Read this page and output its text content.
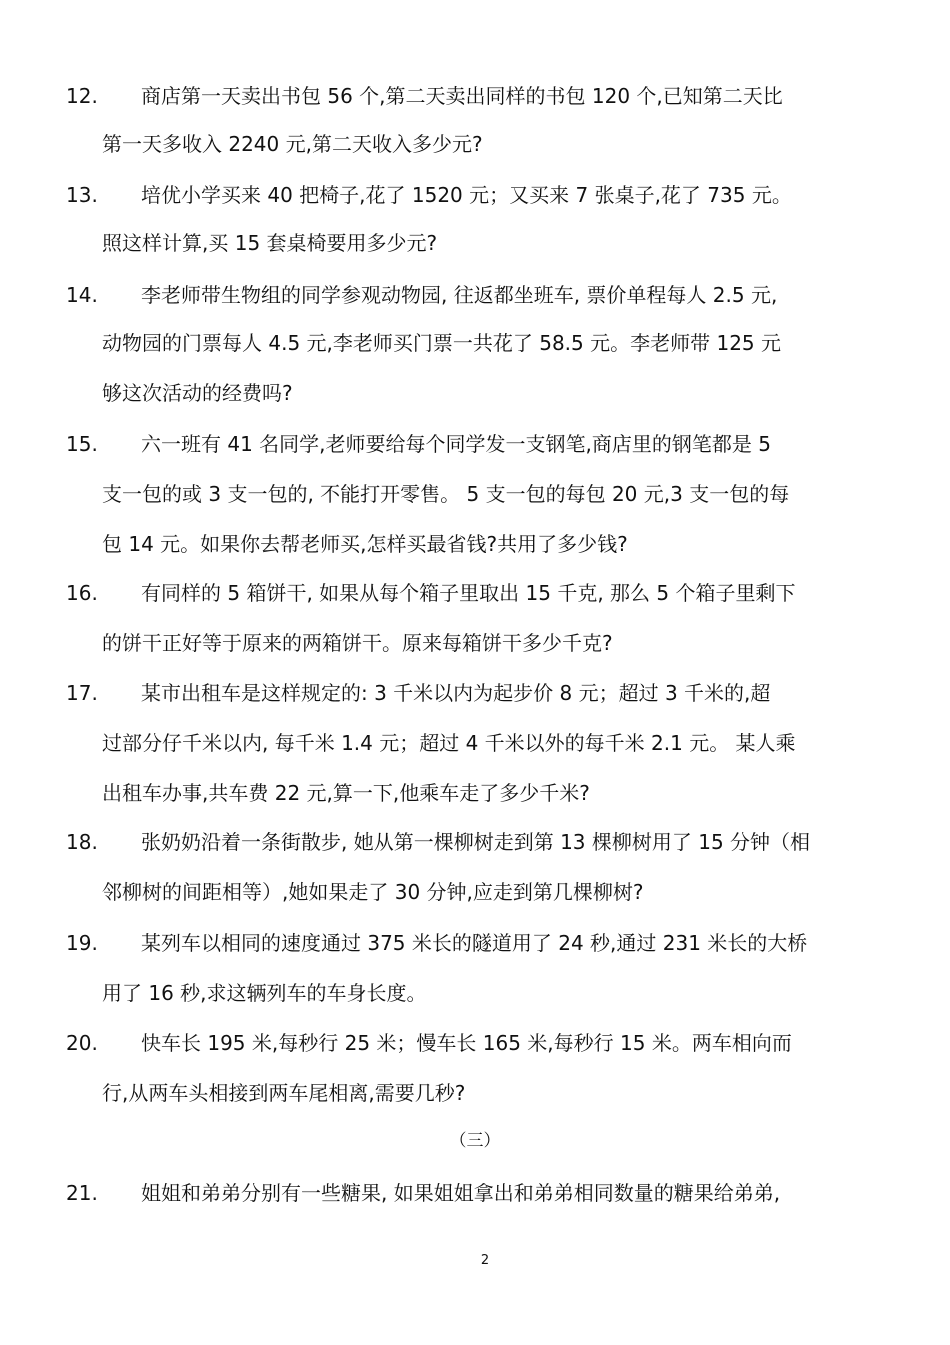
12. 商店第一天卖出书包 56 个,第二天卖出同样的书包 120 个,已知第二天比
第一天多收入 2240 元,第二天收入多少元?
13. 培优小学买来 40 把椅子,花了 1520 元；又买来 7 张桌子,花了 735 元。
照这样计算,买 15 套桌椅要用多少元?
14. 李老师带生物组的同学参观动物园, 往返都坐班车, 票价单程每人 2.5 元,
动物园的门票每人 4.5 元,李老师买门票一共花了 58.5 元。李老师带 125 元
够这次活动的经费吗?
15. 六一班有 41 名同学,老师要给每个同学发一支钢笔,商店里的钢笔都是 5
支一包的或 3 支一包的, 不能打开零售。 5 支一包的每包 20 元,3 支一包的每
包 14 元。如果你去帮老师买,怎样买最省钱?共用了多少钱?
16. 有同样的 5 箱饼干, 如果从每个箱子里取出 15 千克, 那么 5 个箱子里剩下
的饼干正好等于原来的两箱饼干。原来每箱饼干多少千克?
17. 某市出租车是这样规定的: 3 千米以内为起步价 8 元；超过 3 千米的,超
过部分仔千米以内, 每千米 1.4 元；超过 4 千米以外的每千米 2.1 元。 某人乘
出租车办事,共车费 22 元,算一下,他乘车走了多少千米?
18. 张奶奶沿着一条街散步, 她从第一棵柳树走到第 13 棵柳树用了 15 分钟（相
邻柳树的间距相等）,她如果走了 30 分钟,应走到第几棵柳树?
19. 某列车以相同的速度通过 375 米长的隧道用了 24 秒,通过 231 米长的大桥
用了 16 秒,求这辆列车的车身长度。
20. 快车长 195 米,每秒行 25 米；慢车长 165 米,每秒行 15 米。两车相向而
行,从两车头相接到两车尾相离,需要几秒?
（三）
21. 姐姐和弟弟分别有一些糖果, 如果姐姐拿出和弟弟相同数量的糖果给弟弟,
2
